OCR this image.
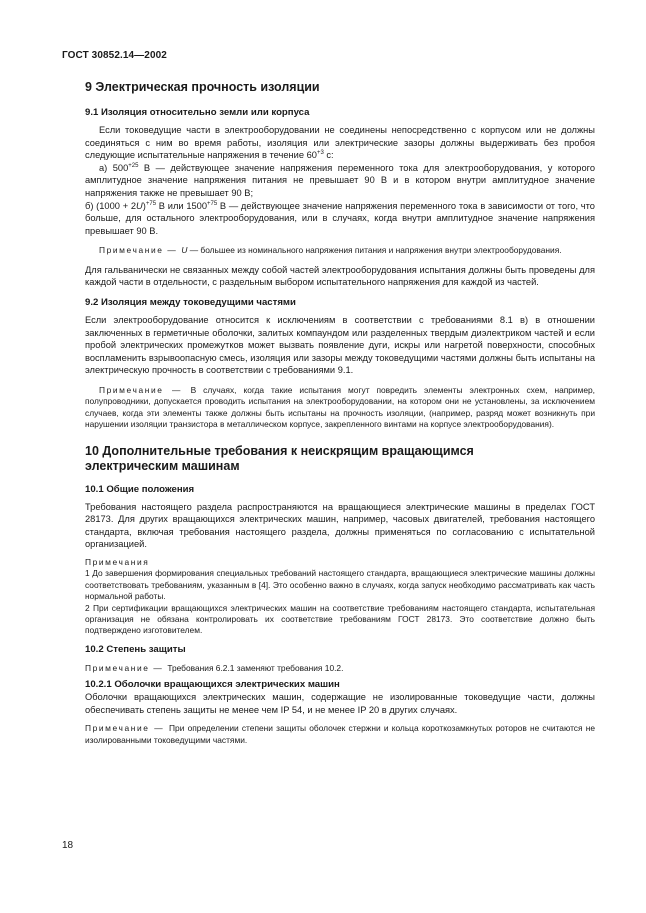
ГОСТ 30852.14—2002
9 Электрическая прочность изоляции
9.1 Изоляция относительно земли или корпуса

Если токоведущие части в электрооборудовании не соединены непосредственно с корпусом или не должны соединяться с ним во время работы, изоляция или электрические зазоры должны выдерживать без пробоя следующие испытательные напряжения в течение $60^{+3}$ с:

а) $500^{+25}$ В — действующее значение напряжения переменного тока для электрооборудования, у которого амплитудное значение напряжения питания не превышает 90 В и в котором внутри амплитудное значение напряжения также не превышает 90 В;

б) $(1000 + 2U)^{+75}$ В или $1500^{+75}$ В — действующее значение напряжения переменного тока в зависимости от того, что больше, для остального электрооборудования, или в случаях, когда внутри амплитудное значение напряжения превышает 90 В.

Примечание — U — большее из номинального напряжения питания и напряжения внутри электрооборудования.

Для гальванически не связанных между собой частей электрооборудования испытания должны быть проведены для каждой части в отдельности, с раздельным выбором испытательного напряжения для каждой из частей.

9.2 Изоляция между токоведущими частями

Если электрооборудование относится к исключениям в соответствии с требованиями 8.1 в) в отношении заключенных в герметичные оболочки, залитых компаундом или разделенных твердым диэлектриком частей и если пробой электрических промежутков может вызвать появление дуги, искры или нагретой поверхности, способных воспламенить взрывоопасную смесь, изоляция или зазоры между токоведущими частями должны быть испытаны на электрическую прочность в соответствии с требованиями 9.1.

Примечание — В случаях, когда такие испытания могут повредить элементы электронных схем, например, полупроводники, допускается проводить испытания на электрооборудовании, на котором они не установлены, за исключением случаев, когда эти элементы также должны быть испытаны на прочность изоляции, (например, разряд может возникнуть при нарушении изоляции транзистора в металлическом корпусе, закрепленного винтами на корпусе электрооборудования).

10 Дополнительные требования к неискрящим вращающимся
электрическим машинам
10.1 Общие положения

Требования настоящего раздела распространяются на вращающиеся электрические машины в пределах ГОСТ 28173. Для других вращающихся электрических машин, например, часовых двигателей, требования настоящего стандарта, включая требования настоящего раздела, должны применяться по согласованию с испытательной организацией.

Примечания

1 До завершения формирования специальных требований настоящего стандарта, вращающиеся электрические машины должны соответствовать требованиям, указанным в [4]. Это особенно важно в случаях, когда запуск необходимо рассматривать как часть нормальной работы.

2 При сертификации вращающихся электрических машин на соответствие требованиям настоящего стандарта, испытательная организация не обязана контролировать их соответствие требованиям ГОСТ 28173. Это соответствие должно быть подтверждено изготовителем.

10.2 Степень защиты

Примечание — Требования 6.2.1 заменяют требования 10.2.

10.2.1 Оболочки вращающихся электрических машин

Оболочки вращающихся электрических машин, содержащие не изолированные токоведущие части, должны обеспечивать степень защиты не менее чем IP 54, и не менее IP 20 в других случаях.

Примечание — При определении степени защиты оболочек стержни и кольца короткозамкнутых роторов не считаются не изолированными токоведущими частями.

18
